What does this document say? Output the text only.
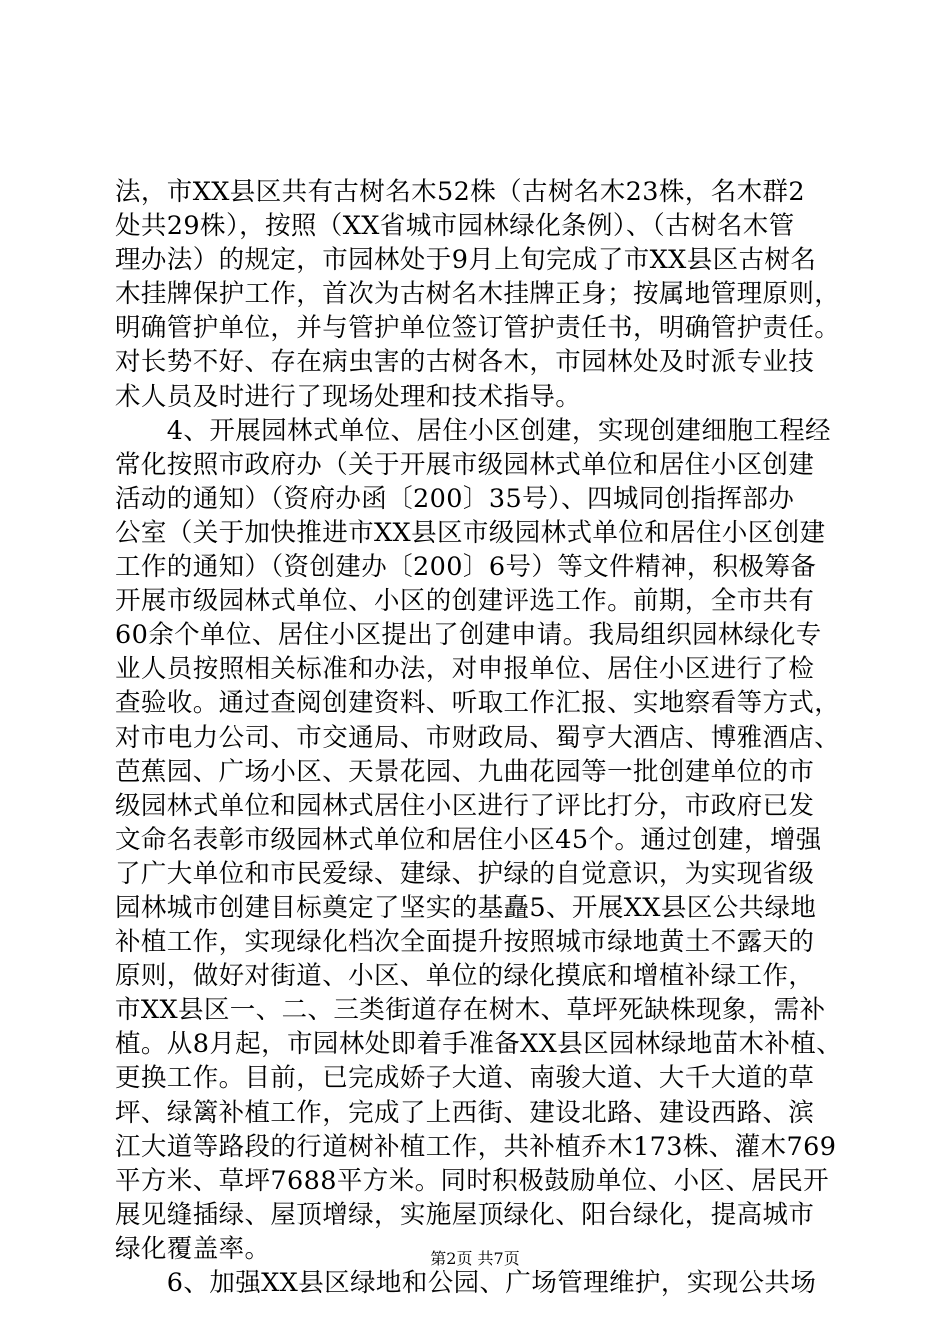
法，市XX县区共有古树名木52株（古树名木23株，名木群2
处共29株），按照（XX省城市园林绿化条例）、（古树名木管
理办法）的规定，市园林处于9月上旬完成了市XX县区古树名
木挂牌保护工作，首次为古树名木挂牌正身；按属地管理原则，
明确管护单位，并与管护单位签订管护责任书，明确管护责任。
对长势不好、存在病虫害的古树各木，市园林处及时派专业技
术人员及时进行了现场处理和技术指导。
　　4、开展园林式单位、居住小区创建，实现创建细胞工程经
常化按照市政府办（关于开展市级园林式单位和居住小区创建
活动的通知）（资府办函〔200〕35号）、四城同创指挥部办
公室（关于加快推进市XX县区市级园林式单位和居住小区创建
工作的通知）（资创建办〔200〕6号）等文件精神，积极筹备
开展市级园林式单位、小区的创建评选工作。前期，全市共有
60余个单位、居住小区提出了创建申请。我局组织园林绿化专
业人员按照相关标准和办法，对申报单位、居住小区进行了检
查验收。通过查阅创建资料、听取工作汇报、实地察看等方式，
对市电力公司、市交通局、市财政局、蜀亨大酒店、博雅酒店、
芭蕉园、广场小区、天景花园、九曲花园等一批创建单位的市
级园林式单位和园林式居住小区进行了评比打分，市政府已发
文命名表彰市级园林式单位和居住小区45个。通过创建，增强
了广大单位和市民爱绿、建绿、护绿的自觉意识，为实现省级
园林城市创建目标奠定了坚实的基矗5、开展XX县区公共绿地
补植工作，实现绿化档次全面提升按照城市绿地黄土不露天的
原则，做好对街道、小区、单位的绿化摸底和增植补绿工作，
市XX县区一、二、三类街道存在树木、草坪死缺株现象，需补
植。从8月起，市园林处即着手准备XX县区园林绿地苗木补植、
更换工作。目前，已完成娇子大道、南骏大道、大千大道的草
坪、绿篱补植工作，完成了上西街、建设北路、建设西路、滨
江大道等路段的行道树补植工作，共补植乔木173株、灌木769
平方米、草坪7688平方米。同时积极鼓励单位、小区、居民开
展见缝插绿、屋顶增绿，实施屋顶绿化、阳台绿化，提高城市
绿化覆盖率。
　　6、加强XX县区绿地和公园、广场管理维护，实现公共场
第2页 共7页
